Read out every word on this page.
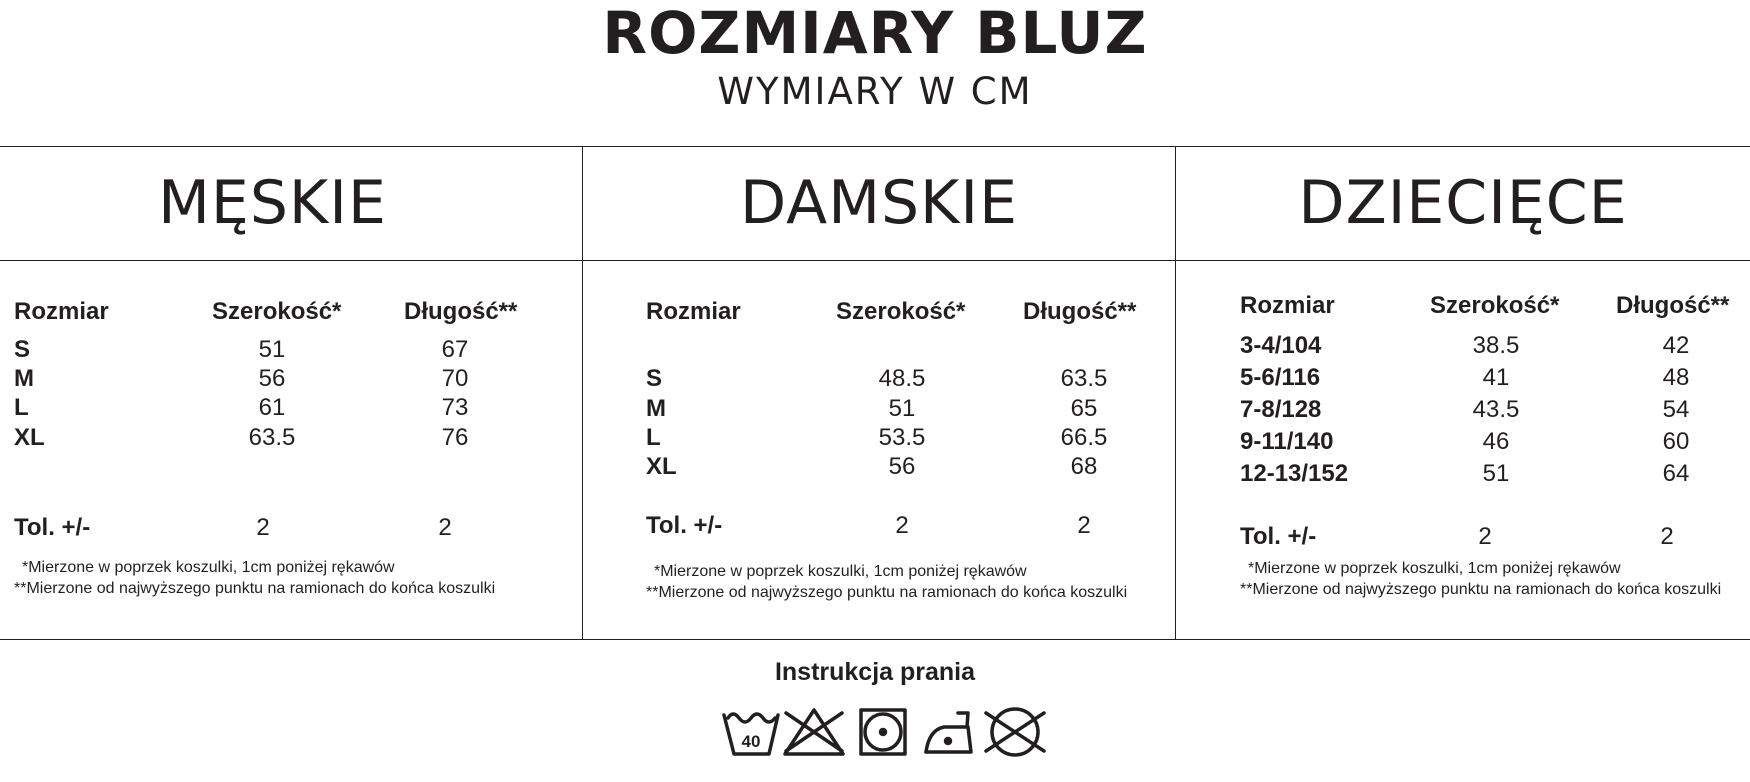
ROZMIARY BLUZ
WYMIARY W CM
MĘSKIE
Rozmiar	Szerokość*	Długość**
S	51	67
M	56	70
L	61	73
XL	63.5	76
Tol. +/-	2	2
*Mierzone w poprzek koszulki, 1cm poniżej rękawów
**Mierzone od najwyższego punktu na ramionach do końca koszulki
DAMSKIE
Rozmiar	Szerokość* Długość**
S	48.5	63.5
M	51	65
L	53.5	66.5
XL	56	68
Tol. +/-	2	2
*Mierzone w poprzek koszulki, 1cm poniżej rękawów
**Mierzone od najwyższego punktu na ramionach do końca koszulki
DZIECIĘCE
Rozmiar	Szerokość* Długość**
3-4/104	38.5	42
5-6/116	41	48
7-8/128	43.5	54
9-11/140	46	60
12-13/152	51	64
Tol. +/-	2	2
*Mierzone w poprzek koszulki, 1cm poniżej rękawów
**Mierzone od najwyższego punktu na ramionach do końca koszulki
Instrukcja prania
40
